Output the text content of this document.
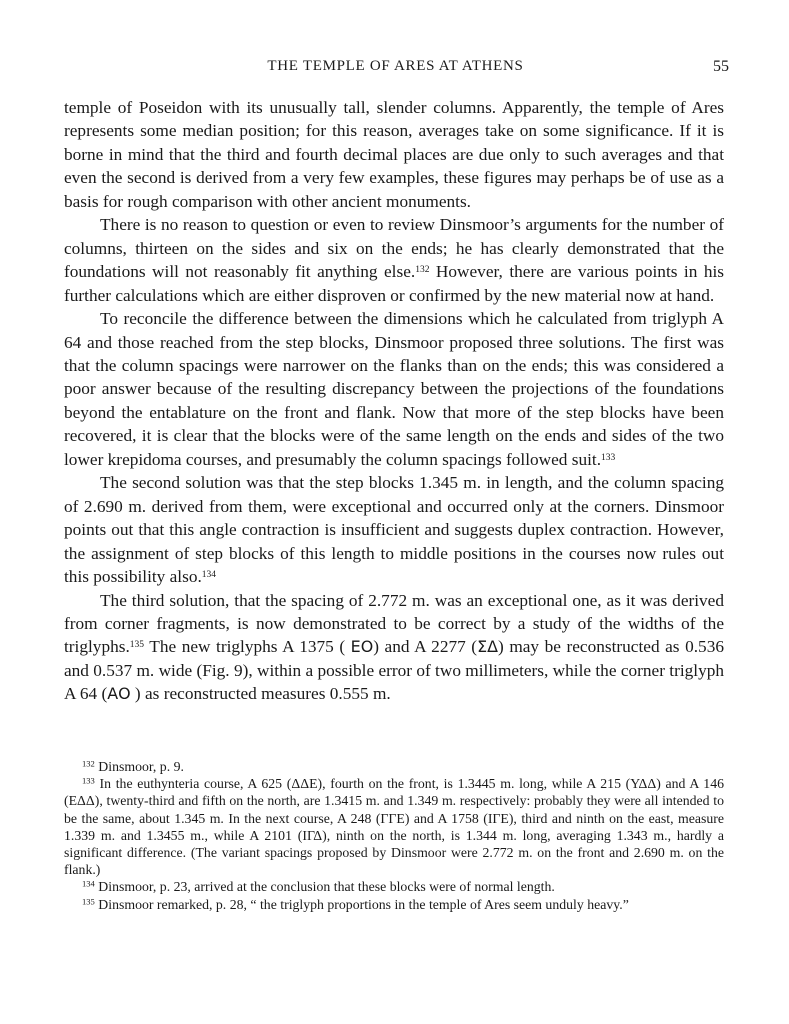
THE TEMPLE OF ARES AT ATHENS	55

temple of Poseidon with its unusually tall, slender columns. Apparently, the temple of Ares represents some median position; for this reason, averages take on some significance. If it is borne in mind that the third and fourth decimal places are due only to such averages and that even the second is derived from a very few examples, these figures may perhaps be of use as a basis for rough comparison with other ancient monuments.

There is no reason to question or even to review Dinsmoor’s arguments for the number of columns, thirteen on the sides and six on the ends; he has clearly demonstrated that the foundations will not reasonably fit anything else.$^{132}$ However, there are various points in his further calculations which are either disproven or confirmed by the new material now at hand.

To reconcile the difference between the dimensions which he calculated from triglyph A 64 and those reached from the step blocks, Dinsmoor proposed three solutions. The first was that the column spacings were narrower on the flanks than on the ends; this was considered a poor answer because of the resulting discrepancy between the projections of the foundations beyond the entablature on the front and flank. Now that more of the step blocks have been recovered, it is clear that the blocks were of the same length on the ends and sides of the two lower krepidoma courses, and presumably the column spacings followed suit.$^{133}$

The second solution was that the step blocks 1.345 m. in length, and the column spacing of 2.690 m. derived from them, were exceptional and occurred only at the corners. Dinsmoor points out that this angle contraction is insufficient and suggests duplex contraction. However, the assignment of step blocks of this length to middle positions in the courses now rules out this possibility also.$^{134}$

The third solution, that the spacing of 2.772 m. was an exceptional one, as it was derived from corner fragments, is now demonstrated to be correct by a study of the widths of the triglyphs.$^{135}$ The new triglyphs A 1375 ( ΕΟ) and A 2277 (ΣΔ) may be reconstructed as 0.536 and 0.537 m. wide (Fig. 9), within a possible error of two millimeters, while the corner triglyph A 64 (ΑΟ ) as reconstructed measures 0.555 m.

$^{132}$ Dinsmoor, p. 9.

$^{133}$ In the euthynteria course, A 625 (ΔΔΕ), fourth on the front, is 1.3445 m. long, while A 215 (ΥΔΔ) and A 146 (ΕΔΔ), twenty-third and fifth on the north, are 1.3415 m. and 1.349 m. respectively: probably they were all intended to be the same, about 1.345 m. In the next course, A 248 (ΓΓΕ) and A 1758 (ΙΓΕ), third and ninth on the east, measure 1.339 m. and 1.3455 m., while A 2101 (ΙΓΔ), ninth on the north, is 1.344 m. long, averaging 1.343 m., hardly a significant difference. (The variant spacings proposed by Dinsmoor were 2.772 m. on the front and 2.690 m. on the flank.)

$^{134}$ Dinsmoor, p. 23, arrived at the conclusion that these blocks were of normal length.

$^{135}$ Dinsmoor remarked, p. 28, “ the triglyph proportions in the temple of Ares seem unduly heavy.”
